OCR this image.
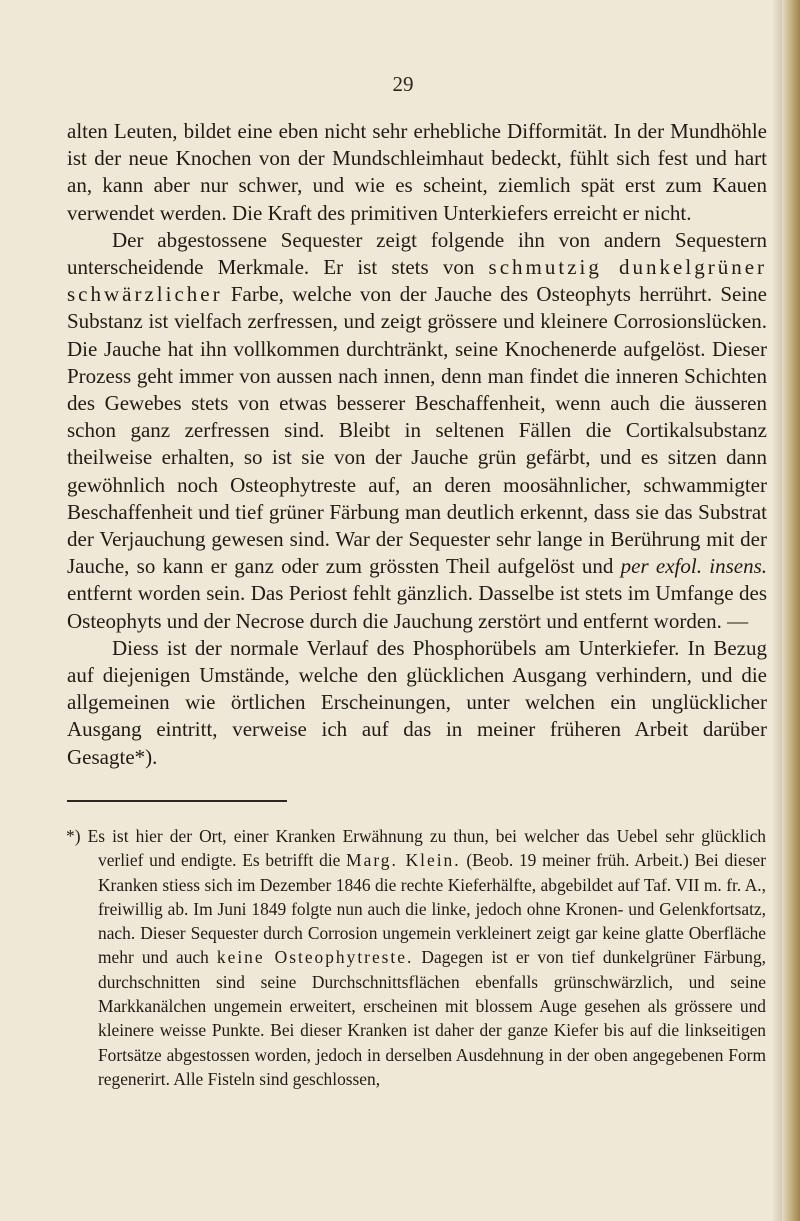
29

alten Leuten, bildet eine eben nicht sehr erhebliche Difformität. In der Mundhöhle ist der neue Knochen von der Mundschleimhaut bedeckt, fühlt sich fest und hart an, kann aber nur schwer, und wie es scheint, ziemlich spät erst zum Kauen verwendet werden. Die Kraft des primitiven Unterkiefers erreicht er nicht.

Der abgestossene Sequester zeigt folgende ihn von andern Sequestern unterscheidende Merkmale. Er ist stets von schmutzig dunkelgrüner schwärzlicher Farbe, welche von der Jauche des Osteophyts herrührt. Seine Substanz ist vielfach zerfressen, und zeigt grössere und kleinere Corrosionslücken. Die Jauche hat ihn vollkommen durchtränkt, seine Knochenerde aufgelöst. Dieser Prozess geht immer von aussen nach innen, denn man findet die inneren Schichten des Gewebes stets von etwas besserer Beschaffenheit, wenn auch die äusseren schon ganz zerfressen sind. Bleibt in seltenen Fällen die Cortikalsubstanz theilweise erhalten, so ist sie von der Jauche grün gefärbt, und es sitzen dann gewöhnlich noch Osteophytreste auf, an deren moosähnlicher, schwammigter Beschaffenheit und tief grüner Färbung man deutlich erkennt, dass sie das Substrat der Verjauchung gewesen sind. War der Sequester sehr lange in Berührung mit der Jauche, so kann er ganz oder zum grössten Theil aufgelöst und per exfol. insens. entfernt worden sein. Das Periost fehlt gänzlich. Dasselbe ist stets im Umfange des Osteophyts und der Necrose durch die Jauchung zerstört und entfernt worden. —

Diess ist der normale Verlauf des Phosphorübels am Unterkiefer. In Bezug auf diejenigen Umstände, welche den glücklichen Ausgang verhindern, und die allgemeinen wie örtlichen Erscheinungen, unter welchen ein unglücklicher Ausgang eintritt, verweise ich auf das in meiner früheren Arbeit darüber Gesagte*).

*) Es ist hier der Ort, einer Kranken Erwähnung zu thun, bei welcher das Uebel sehr glücklich verlief und endigte. Es betrifft die Marg. Klein. (Beob. 19 meiner früh. Arbeit.) Bei dieser Kranken stiess sich im Dezember 1846 die rechte Kieferhälfte, abgebildet auf Taf. VII m. fr. A., freiwillig ab. Im Juni 1849 folgte nun auch die linke, jedoch ohne Kronen- und Gelenkfortsatz, nach. Dieser Sequester durch Corrosion ungemein verkleinert zeigt gar keine glatte Oberfläche mehr und auch keine Osteophytreste. Dagegen ist er von tief dunkelgrüner Färbung, durchschnitten sind seine Durchschnittsflächen ebenfalls grünschwärzlich, und seine Markkanälchen ungemein erweitert, erscheinen mit blossem Auge gesehen als grössere und kleinere weisse Punkte. Bei dieser Kranken ist daher der ganze Kiefer bis auf die linkseitigen Fortsätze abgestossen worden, jedoch in derselben Ausdehnung in der oben angegebenen Form regenerirt. Alle Fisteln sind geschlossen,
